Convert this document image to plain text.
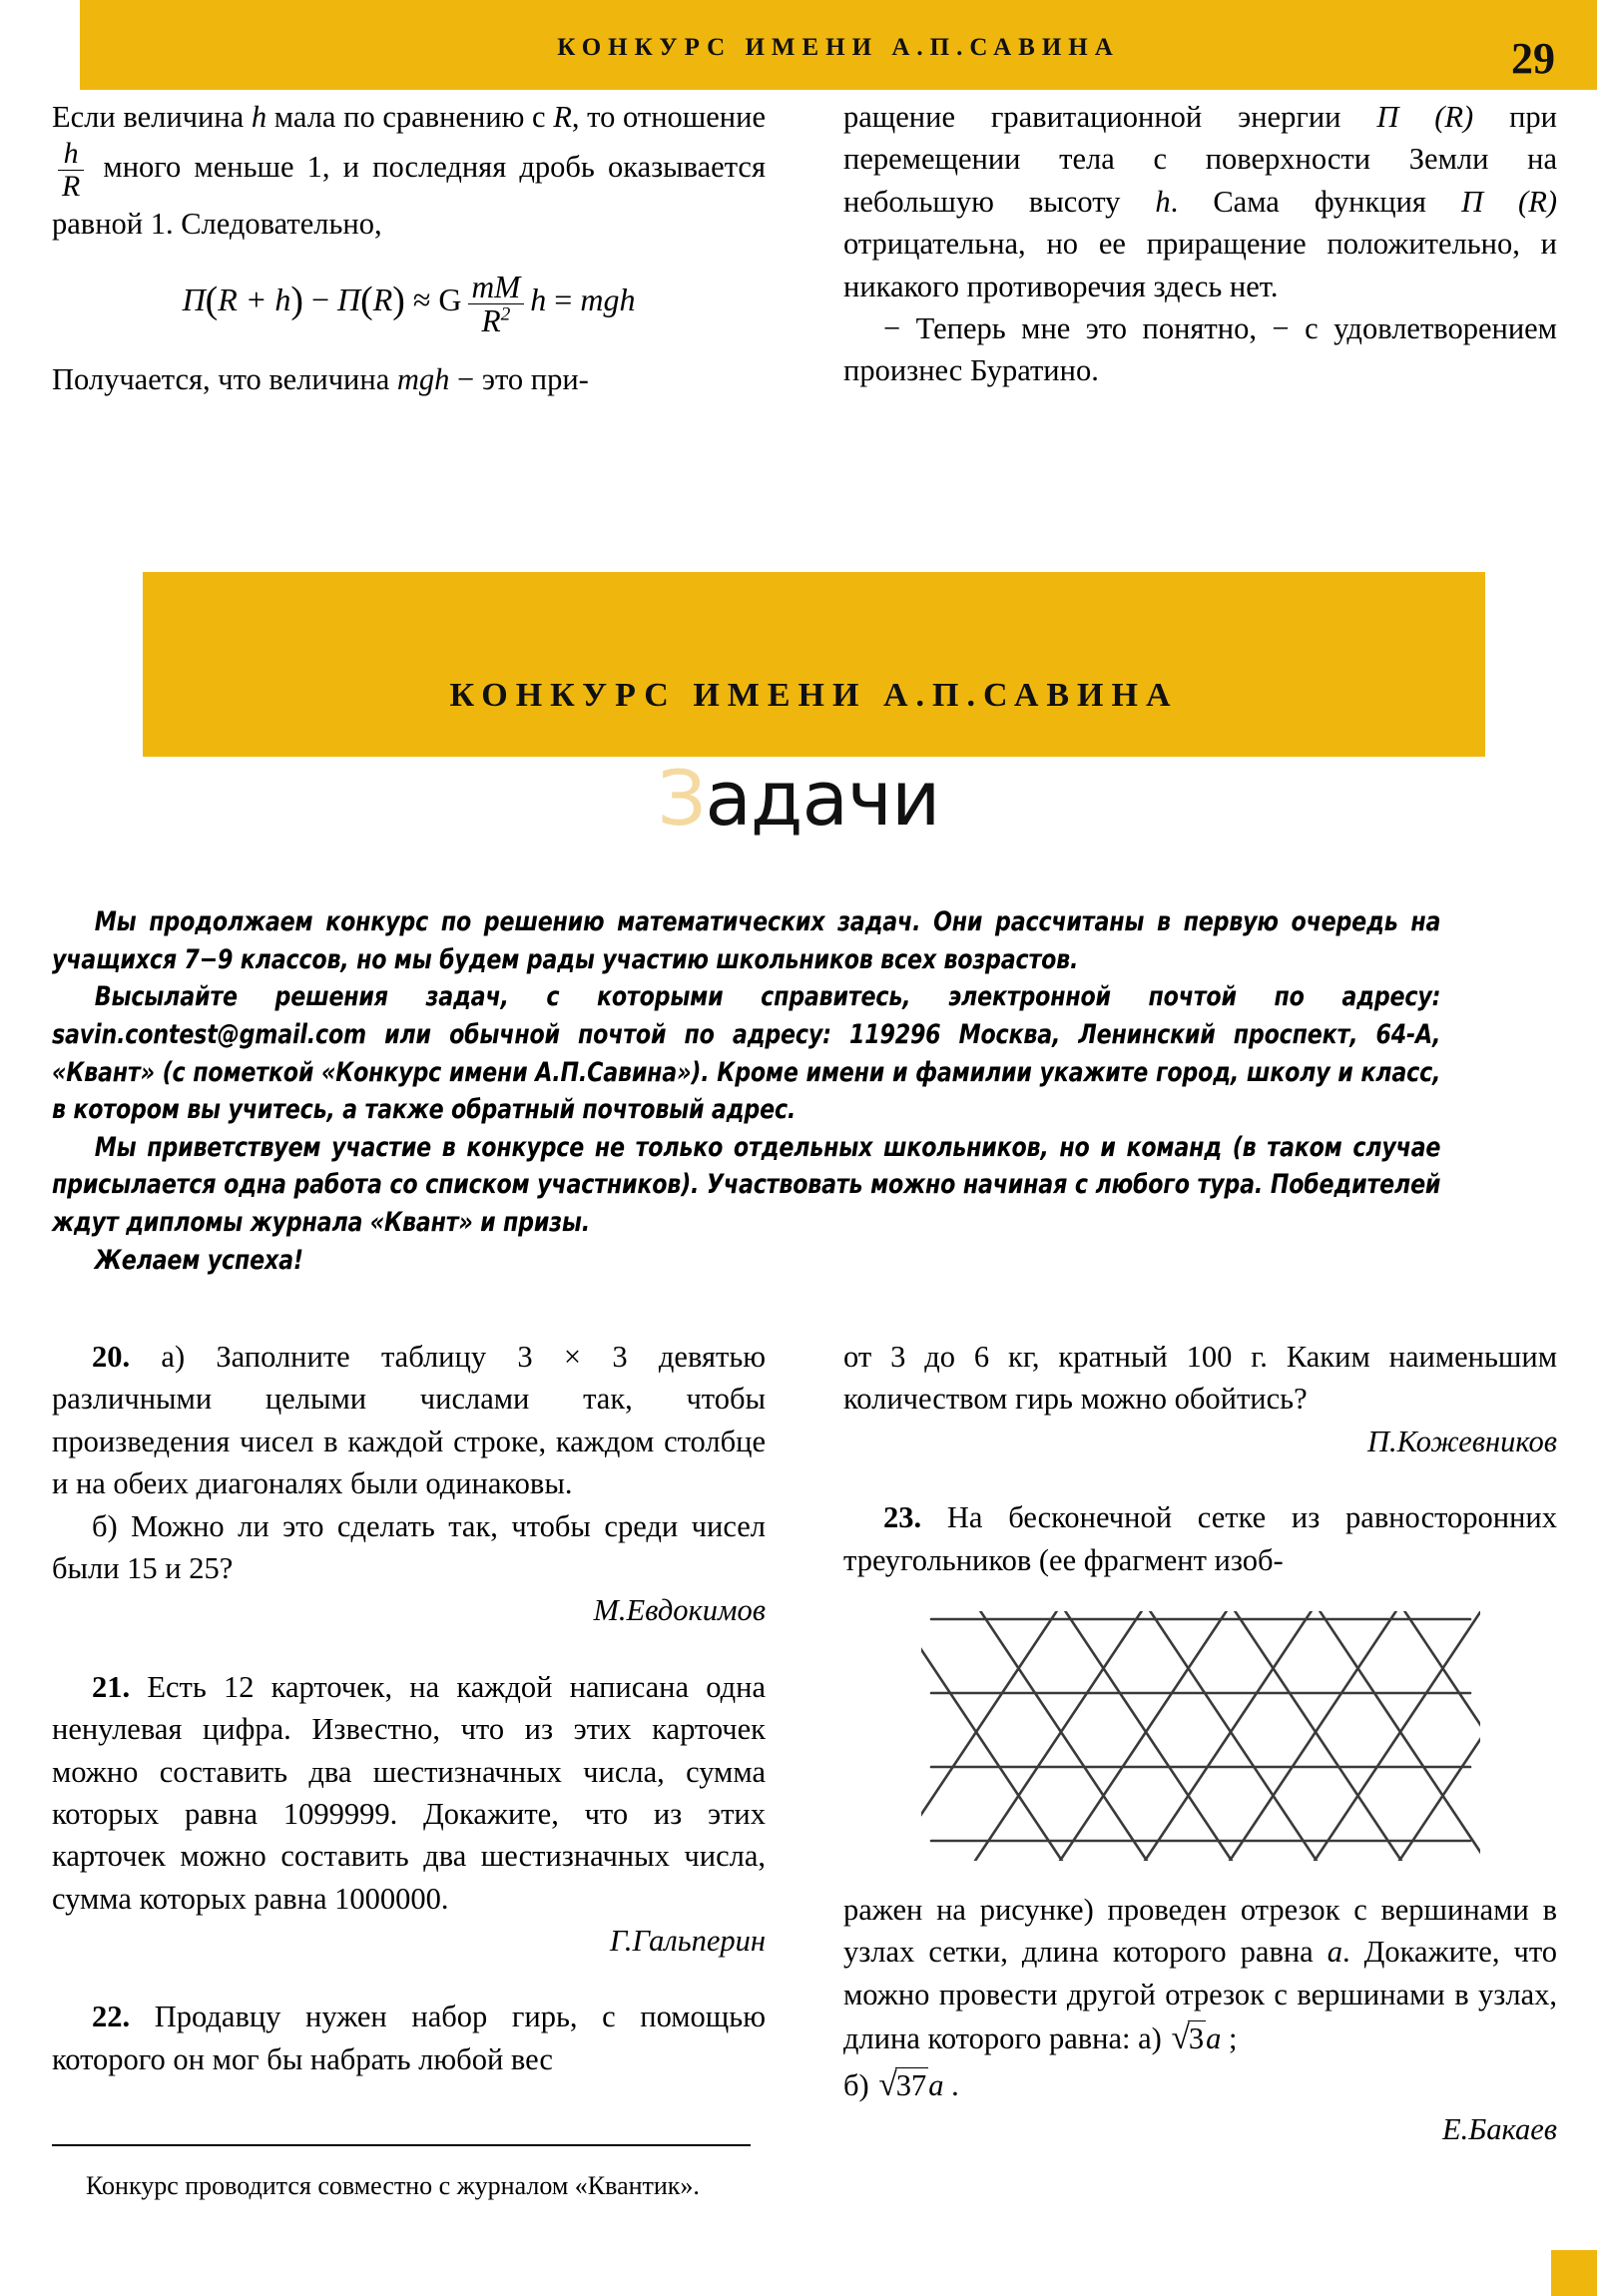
КОНКУРС ИМЕНИ А.П.САВИНА	29

Если величина h мала по сравнению с R, то отношение
$\frac{h}{R}$ много меньше 1, и последняя дробь оказывается равной 1. Следовательно,

П(R + h) − П(R) ≈ G $\frac{mM}{R^2}$ h = mgh

Получается, что величина mgh − это при-

ращение гравитационной энергии П (R) при перемещении тела с поверхности Земли на небольшую высоту h. Сама функция П (R) отрицательна, но ее приращение положительно, и никакого противоречия здесь нет.

− Теперь мне это понятно, − с удовлетворением произнес Буратино.

КОНКУРС ИМЕНИ А.П.САВИНА
Задачи

Мы продолжаем конкурс по решению математических задач. Они рассчитаны в первую очередь на учащихся 7−9 классов, но мы будем рады участию школьников всех возрастов.

Высылайте решения задач, с которыми справитесь, электронной почтой по адресу: savin.contest@gmail.com или обычной почтой по адресу: 119296 Москва, Ленинский проспект, 64-А, «Квант» (с пометкой «Конкурс имени А.П.Савина»). Кроме имени и фамилии укажите город, школу и класс, в котором вы учитесь, а также обратный почтовый адрес.

Мы приветствуем участие в конкурсе не только отдельных школьников, но и команд (в таком случае присылается одна работа со списком участников). Участвовать можно начиная с любого тура. Победителей ждут дипломы журнала «Квант» и призы.

Желаем успеха!

20. а) Заполните таблицу 3 × 3 девятью различными целыми числами так, чтобы произведения чисел в каждой строке, каждом столбце и на обеих диагоналях были одинаковы.

б) Можно ли это сделать так, чтобы среди чисел были 15 и 25?

М.Евдокимов

21. Есть 12 карточек, на каждой написана одна ненулевая цифра. Известно, что из этих карточек можно составить два шестизначных числа, сумма которых равна 1099999. Докажите, что из этих карточек можно составить два шестизначных числа, сумма которых равна 1000000.

Г.Гальперин

22. Продавцу нужен набор гирь, с помощью которого он мог бы набрать любой вес

от 3 до 6 кг, кратный 100 г. Каким наименьшим количеством гирь можно обойтись?

П.Кожевников

23. На бесконечной сетке из равносторонних треугольников (ее фрагмент изоб-

ражен на рисунке) проведен отрезок с вершинами в узлах сетки, длина которого равна a. Докажите, что можно провести другой отрезок с вершинами в узлах, длина которого равна: а) √3a ;

б) √37a .

Е.Бакаев

Конкурс проводится совместно с журналом «Квантик».
